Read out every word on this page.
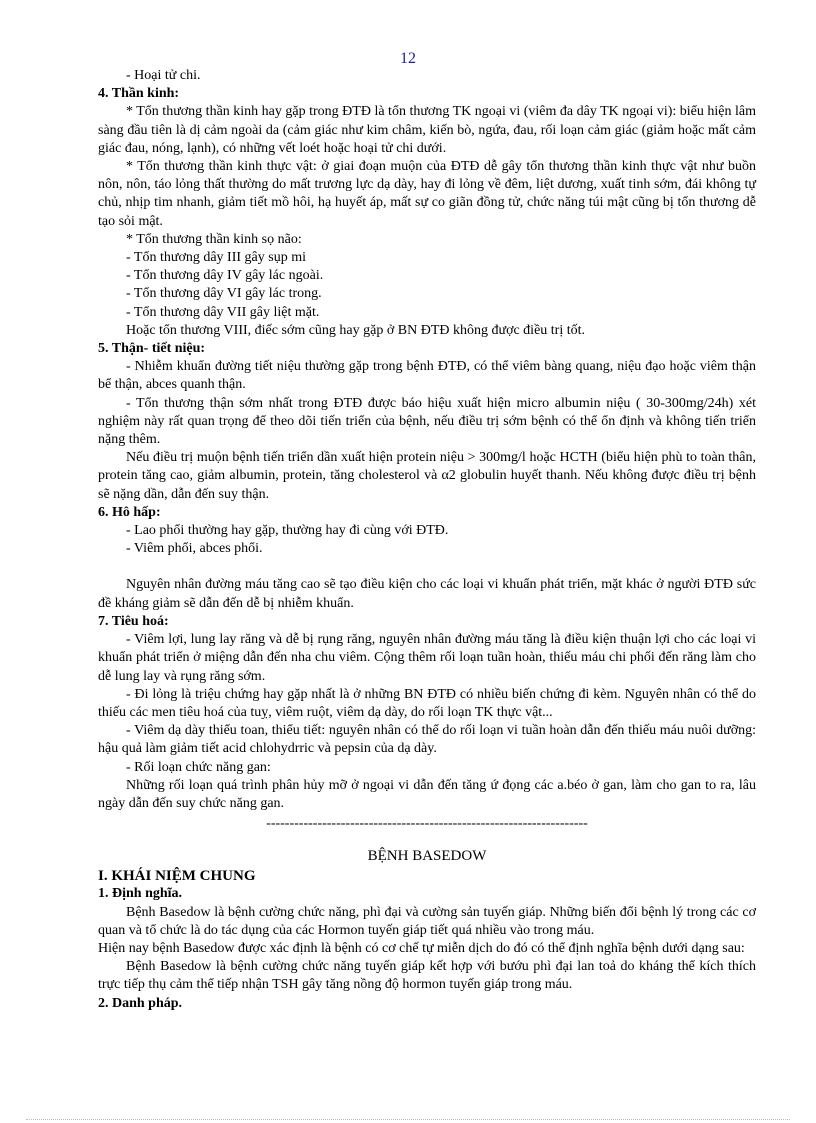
12

- Hoại tử chi.

4. Thần kinh:

* Tổn thương thần kinh hay gặp trong ĐTĐ là tổn thương TK ngoại vi (viêm đa dây TK ngoại vi): biểu hiện lâm sàng đầu tiên là dị cảm ngoài da (cảm giác như kim châm, kiến bò, ngứa, đau, rối loạn cảm giác (giảm hoặc mất cảm giác đau, nóng, lạnh), có những vết loét hoặc hoại tử chi dưới.

* Tổn thương thần kinh thực vật: ở giai đoạn muộn của ĐTĐ dễ gây tổn thương thần kinh thực vật như buồn nôn, nôn, táo lỏng thất thường do mất trương lực dạ dày, hay đi lỏng về đêm, liệt dương, xuất tinh sớm, đái không tự chủ, nhịp tim nhanh, giảm tiết mồ hôi, hạ huyết áp, mất sự co giãn đồng tử, chức năng túi mật cũng bị tổn thương dễ tạo sỏi mật.

* Tổn thương thần kinh sọ não:

- Tổn thương dây III gây sụp mi

- Tổn thương dây IV gây lác ngoài.

- Tổn thương dây VI gây lác trong.

- Tổn thương dây VII gây liệt mặt.

Hoặc tổn thương VIII, điếc sớm cũng hay gặp ở BN ĐTĐ không được điều trị tốt.

5. Thận- tiết niệu:

- Nhiễm khuẩn đường tiết niệu thường gặp trong bệnh ĐTĐ, có thể viêm bàng quang, niệu đạo hoặc viêm thận bể thận, abces quanh thận.

- Tổn thương thận sớm nhất trong ĐTĐ được báo hiệu xuất hiện micro albumin niệu ( 30-300mg/24h) xét nghiệm này rất quan trọng để theo dõi tiến triển của bệnh, nếu điều trị sớm bệnh có thể ổn định và không tiến triển nặng thêm.

Nếu điều trị muộn bệnh tiến triển dần xuất hiện protein niệu > 300mg/l hoặc HCTH (biểu hiện phù to toàn thân, protein tăng cao, giảm albumin, protein, tăng cholesterol và α2 globulin huyết thanh. Nếu không được điều trị bệnh sẽ nặng dần, dẫn đến suy thận.

6. Hô hấp:

- Lao phổi thường hay gặp, thường hay đi cùng với ĐTĐ.

- Viêm phổi, abces phổi.

Nguyên nhân đường máu tăng cao sẽ tạo điều kiện cho các loại vi khuẩn phát triển, mặt khác ở người ĐTĐ sức đề kháng giảm sẽ dẫn đến dễ bị nhiễm khuẩn.

7. Tiêu hoá:

- Viêm lợi, lung lay răng và dễ bị rụng răng, nguyên nhân đường máu tăng là điều kiện thuận lợi cho các loại vi khuẩn phát triển ở miệng dẫn đến nha chu viêm. Cộng thêm rối loạn tuần hoàn, thiếu máu chi phối đến răng làm cho dễ lung lay và rụng răng sớm.

- Đi lỏng là triệu chứng hay gặp nhất là ở những BN ĐTĐ có nhiều biến chứng đi kèm. Nguyên nhân có thể do thiếu các men tiêu hoá của tuỵ, viêm ruột, viêm dạ dày, do rối loạn TK thực vật...

- Viêm dạ dày thiểu toan, thiểu tiết: nguyên nhân có thể do rối loạn vi tuần hoàn dẫn đến thiếu máu nuôi dưỡng: hậu quả làm giảm tiết acid chlohydrric và pepsin của dạ dày.

- Rối loạn chức năng gan:

Những rối loạn quá trình phân hủy mỡ ở ngoại vi dẫn đến tăng ứ đọng các a.béo ở gan, làm cho gan to ra, lâu ngày dẫn đến suy chức năng gan.

---------------------------------------------------------------------
BỆNH BASEDOW

I. KHÁI NIỆM CHUNG

1. Định nghĩa.

Bệnh Basedow là bệnh cường chức năng, phì đại và cường sản tuyến giáp. Những biến đổi bệnh lý trong các cơ quan và tổ chức là do tác dụng của các Hormon tuyến giáp tiết quá nhiều vào trong máu.

Hiện nay bệnh Basedow được xác định là bệnh có cơ chế tự miễn dịch do đó có thể định nghĩa bệnh dưới dạng sau:

Bệnh Basedow là bệnh cường chức năng tuyến giáp kết hợp với bướu phì đại lan toả do kháng thể kích thích trực tiếp thụ cảm thể tiếp nhận TSH gây tăng nồng độ hormon tuyến giáp trong máu.

2. Danh pháp.
